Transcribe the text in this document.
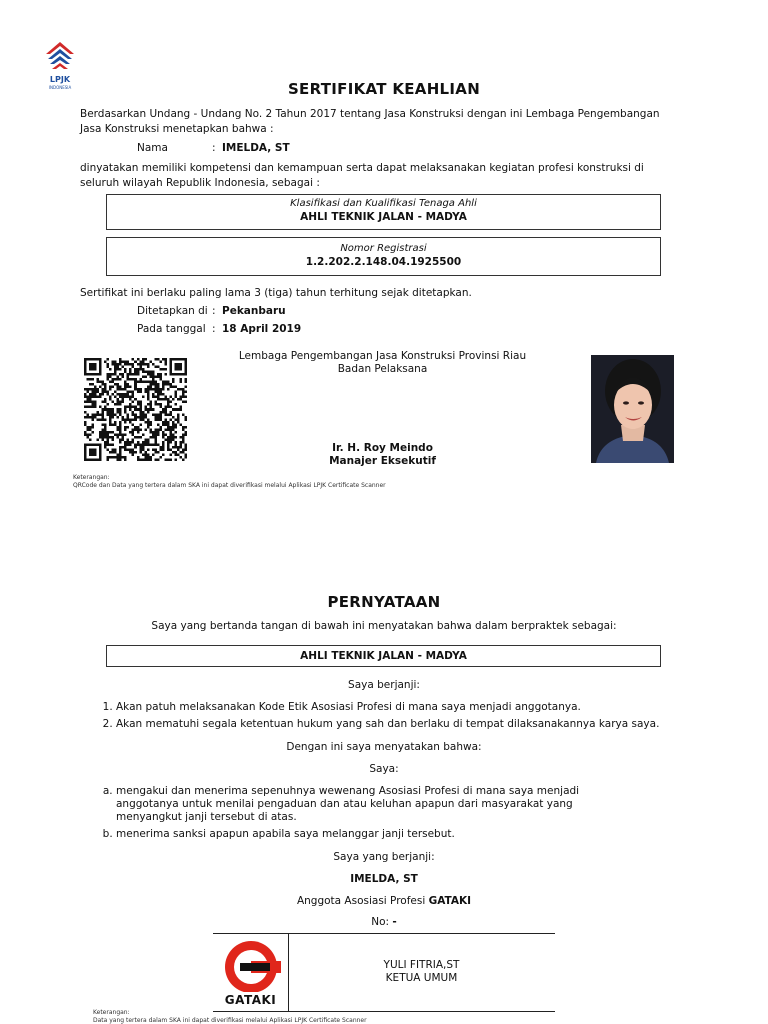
LPJK
INDONESIA	SERTIFIKAT KEAHLIAN
Berdasarkan Undang - Undang No. 2 Tahun 2017 tentang Jasa Konstruksi dengan ini Lembaga Pengembangan Jasa Konstruksi menetapkan bahwa :
Nama	: IMELDA, ST
dinyatakan memiliki kompetensi dan kemampuan serta dapat melaksanakan kegiatan profesi konstruksi di seluruh wilayah Republik Indonesia, sebagai :
Klasifikasi dan Kualifikasi Tenaga Ahli
AHLI TEKNIK JALAN - MADYA
Nomor Registrasi
1.2.202.2.148.04.1925500
Sertifikat ini berlaku paling lama 3 (tiga) tahun terhitung sejak ditetapkan.
Ditetapkan di : Pekanbaru
Pada tanggal : 18 April 2019
Lembaga Pengembangan Jasa Konstruksi Provinsi Riau
Badan Pelaksana
Ir. H. Roy Meindo
Manajer Eksekutif
Keterangan:
QRCode dan Data yang tertera dalam SKA ini dapat diverifikasi melalui Aplikasi LPJK Certificate Scanner
PERNYATAAN
Saya yang bertanda tangan di bawah ini menyatakan bahwa dalam berpraktek sebagai:
AHLI TEKNIK JALAN - MADYA
Saya berjanji:
1. Akan patuh melaksanakan Kode Etik Asosiasi Profesi di mana saya menjadi anggotanya.
2. Akan mematuhi segala ketentuan hukum yang sah dan berlaku di tempat dilaksanakannya karya saya.
Dengan ini saya menyatakan bahwa:
Saya:
a. mengakui dan menerima sepenuhnya wewenang Asosiasi Profesi di mana saya menjadi anggotanya untuk menilai pengaduan dan atau keluhan apapun dari masyarakat yang menyangkut janji tersebut di atas.
b. menerima sanksi apapun apabila saya melanggar janji tersebut.
Saya yang berjanji:
IMELDA, ST
Anggota Asosiasi Profesi GATAKI
No: -
GATAKI
YULI FITRIA,ST
KETUA UMUM
Keterangan:
Data yang tertera dalam SKA ini dapat diverifikasi melalui Aplikasi LPJK Certificate Scanner
